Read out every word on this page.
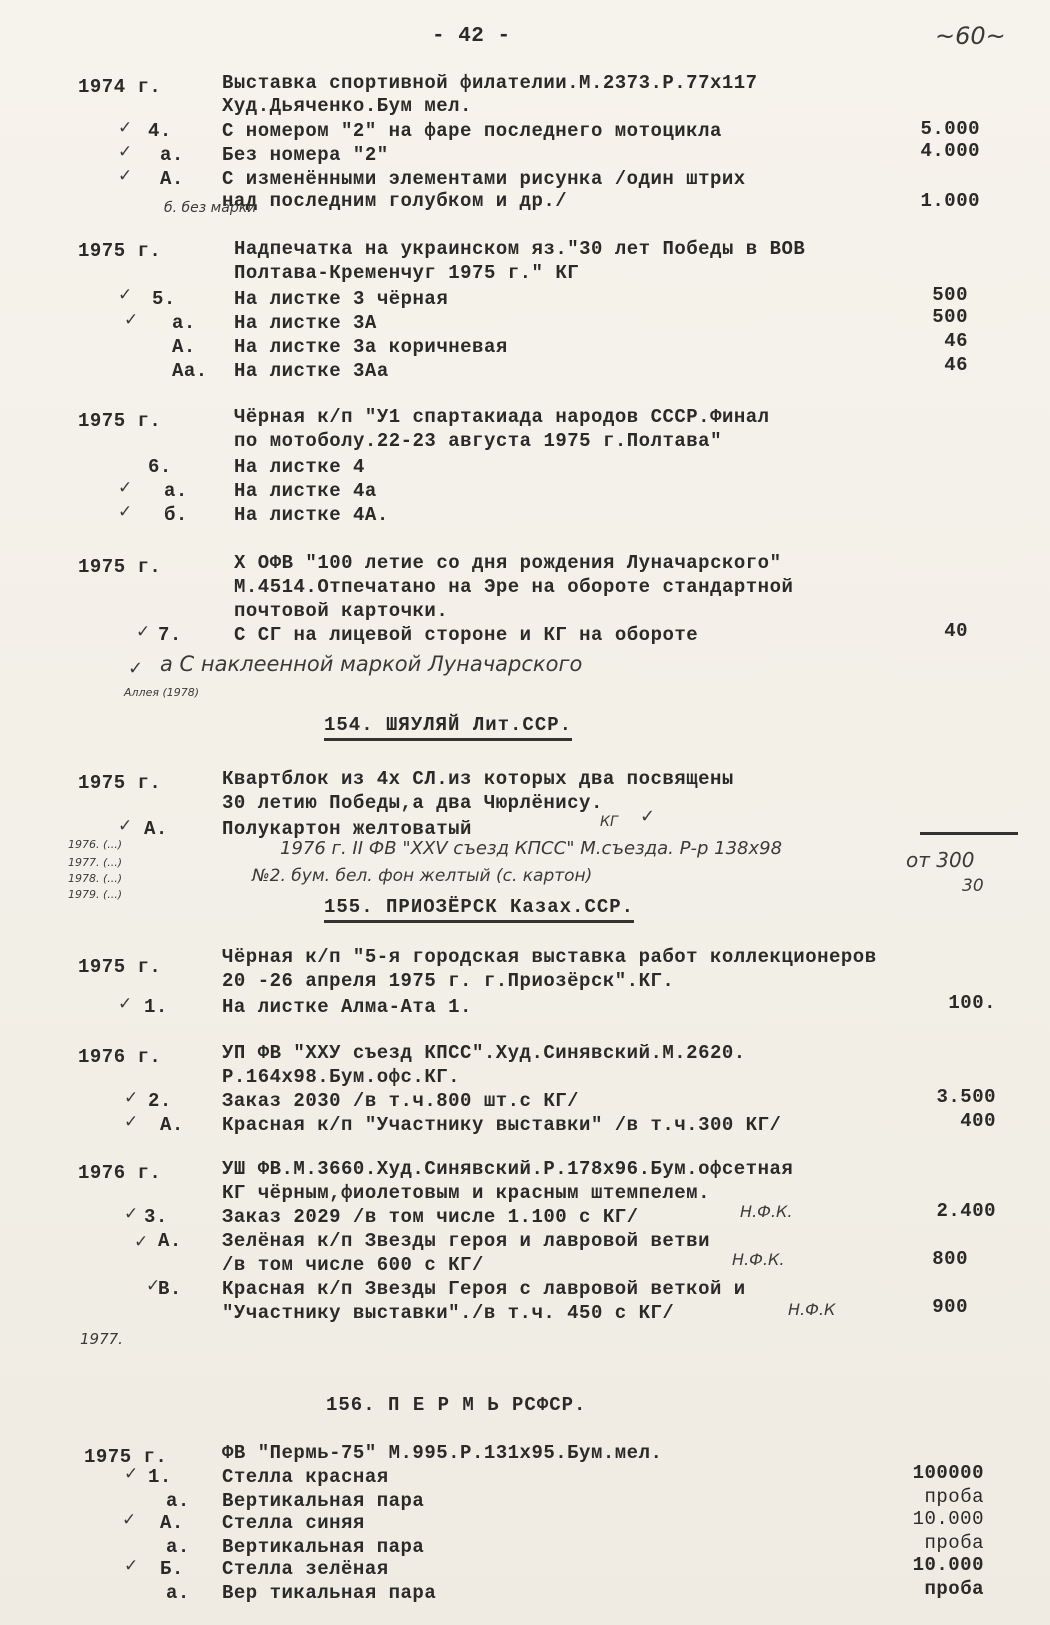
- 42 -	~60~
1974 г.	Выставка спортивной филателии.М.2373.Р.77x117
Худ.Дьяченко.Бум мел.
✓ 4.	С номером "2" на фаре последнего мотоцикла	5.000
✓ а. Без номера "2"	4.000
✓ А. С изменёнными элементами рисунка /один штрих
над последним голубком и др./	1.000
б. без марки
1975 г.	Надпечатка на украинском яз."30 лет Победы в ВОВ
Полтава-Кременчуг 1975 г." КГ
✓ 5.	На листке 3 чёрная	500
✓ а. На листке 3А	500
А. На листке 3а коричневая	46
Аа. На листке 3Аа	46
1975 г.	Чёрная к/п "У1 спартакиада народов СССР.Финал
по мотоболу.22-23 августа 1975 г.Полтава"
6.	На листке 4
✓ а. На листке 4а
✓ б. На листке 4А.
1975 г.	Х ОФВ "100 летие со дня рождения Луначарского"
М.4514.Отпечатано на Эре на обороте стандартной
почтовой карточки.
✓ 7.	С СГ на лицевой стороне и КГ на обороте	40
✓ а С наклеенной маркой Луначарского
Аллея (1978)
154. ШЯУЛЯЙ Лит.ССР.
1975 г.	Квартблок из 4х СЛ.из которых два посвящены
30 летию Победы,а два Чюрлёнису.
✓ А.	Полукартон желтоватый	КГ ✓
1976. (...)
1977. (...)
1978. (...)
1979. (...)
1976 г. II ФВ "XXV съезд КПСС" М.съезда. Р-р 138x98
№2. бум. бел. фон желтый (с. картон)
от 300
30
155. ПРИОЗЁРСК Казах.ССР.
1975 г.	Чёрная к/п "5-я городская выставка работ коллекционеров
20 -26 апреля 1975 г. г.Приозёрск".КГ.
✓ 1.	На листке Алма-Ата 1.	100.
1976 г.	УП ФВ "XXУ съезд КПСС".Худ.Синявский.М.2620.
Р.164x98.Бум.офс.КГ.
✓ 2.	Заказ 2030 /в т.ч.800 шт.с КГ/	3.500
✓ А. Красная к/п "Участнику выставки" /в т.ч.300 КГ/	400
1976 г.	УШ ФВ.М.3660.Худ.Синявский.Р.178x96.Бум.офсетная
КГ чёрным,фиолетовым и красным штемпелем.
✓ 3.	Заказ 2029 /в том числе 1.100 с КГ/	Н.Ф.К.	2.400
✓ А. Зелёная к/п Звезды героя и лавровой ветви
/в том числе 600 с КГ/	Н.Ф.К.	800
✓
В. Красная к/п Звезды Героя с лавровой веткой и
"Участнику выставки"./в т.ч. 450 с КГ/	Н.Ф.К	900
1977.
156. П Е Р М Ь РСФСР.
1975 г.	ФВ "Пермь-75" М.995.Р.131x95.Бум.мел.
✓ 1.	Стелла красная	100000
а. Вертикальная пара	проба
✓ А. Стелла синяя	10.000
а. Вертикальная пара	проба
✓ Б. Стелла зелёная	10.000
а. Вер тикальная пара	проба
